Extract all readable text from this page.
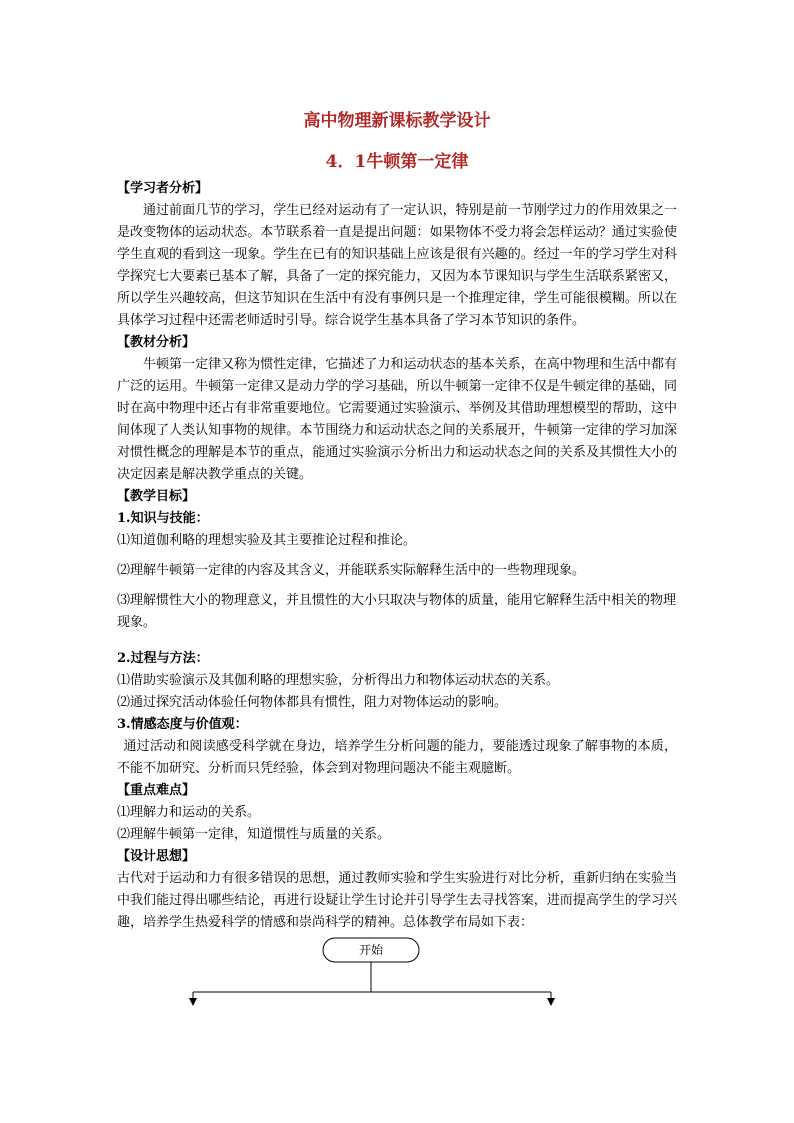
高中物理新课标教学设计
4．1牛顿第一定律

【学习者分析】

通过前面几节的学习，学生已经对运动有了一定认识，特别是前一节刚学过力的作用效果之一是改变物体的运动状态。本节联系着一直是提出问题：如果物体不受力将会怎样运动？通过实验使学生直观的看到这一现象。学生在已有的知识基础上应该是很有兴趣的。经过一年的学习学生对科学探究七大要素已基本了解，具备了一定的探究能力，又因为本节课知识与学生生活联系紧密又，所以学生兴趣较高，但这节知识在生活中有没有事例只是一个推理定律，学生可能很模糊。所以在具体学习过程中还需老师适时引导。综合说学生基本具备了学习本节知识的条件。

【教材分析】

牛顿第一定律又称为惯性定律，它描述了力和运动状态的基本关系，在高中物理和生活中都有广泛的运用。牛顿第一定律又是动力学的学习基础，所以牛顿第一定律不仅是牛顿定律的基础，同时在高中物理中还占有非常重要地位。它需要通过实验演示、举例及其借助理想模型的帮助，这中间体现了人类认知事物的规律。本节围绕力和运动状态之间的关系展开，牛顿第一定律的学习加深对惯性概念的理解是本节的重点，能通过实验演示分析出力和运动状态之间的关系及其惯性大小的决定因素是解决教学重点的关键。

【教学目标】

1.知识与技能：

⑴知道伽利略的理想实验及其主要推论过程和推论。

⑵理解牛顿第一定律的内容及其含义，并能联系实际解释生活中的一些物理现象。

⑶理解惯性大小的物理意义，并且惯性的大小只取决与物体的质量，能用它解释生活中相关的物理现象。

2.过程与方法：

⑴借助实验演示及其伽利略的理想实验，分析得出力和物体运动状态的关系。

⑵通过探究活动体验任何物体都具有惯性，阻力对物体运动的影响。

3.情感态度与价值观：

通过活动和阅读感受科学就在身边，培养学生分析问题的能力，要能透过现象了解事物的本质，不能不加研究、分析而只凭经验，体会到对物理问题决不能主观臆断。

【重点难点】

⑴理解力和运动的关系。

⑵理解牛顿第一定律，知道惯性与质量的关系。

【设计思想】

古代对于运动和力有很多错误的思想，通过教师实验和学生实验进行对比分析，重新归纳在实验当中我们能过得出哪些结论，再进行设疑让学生讨论并引导学生去寻找答案，进而提高学生的学习兴趣，培养学生热爱科学的情感和崇尚科学的精神。总体教学布局如下表：

开始
